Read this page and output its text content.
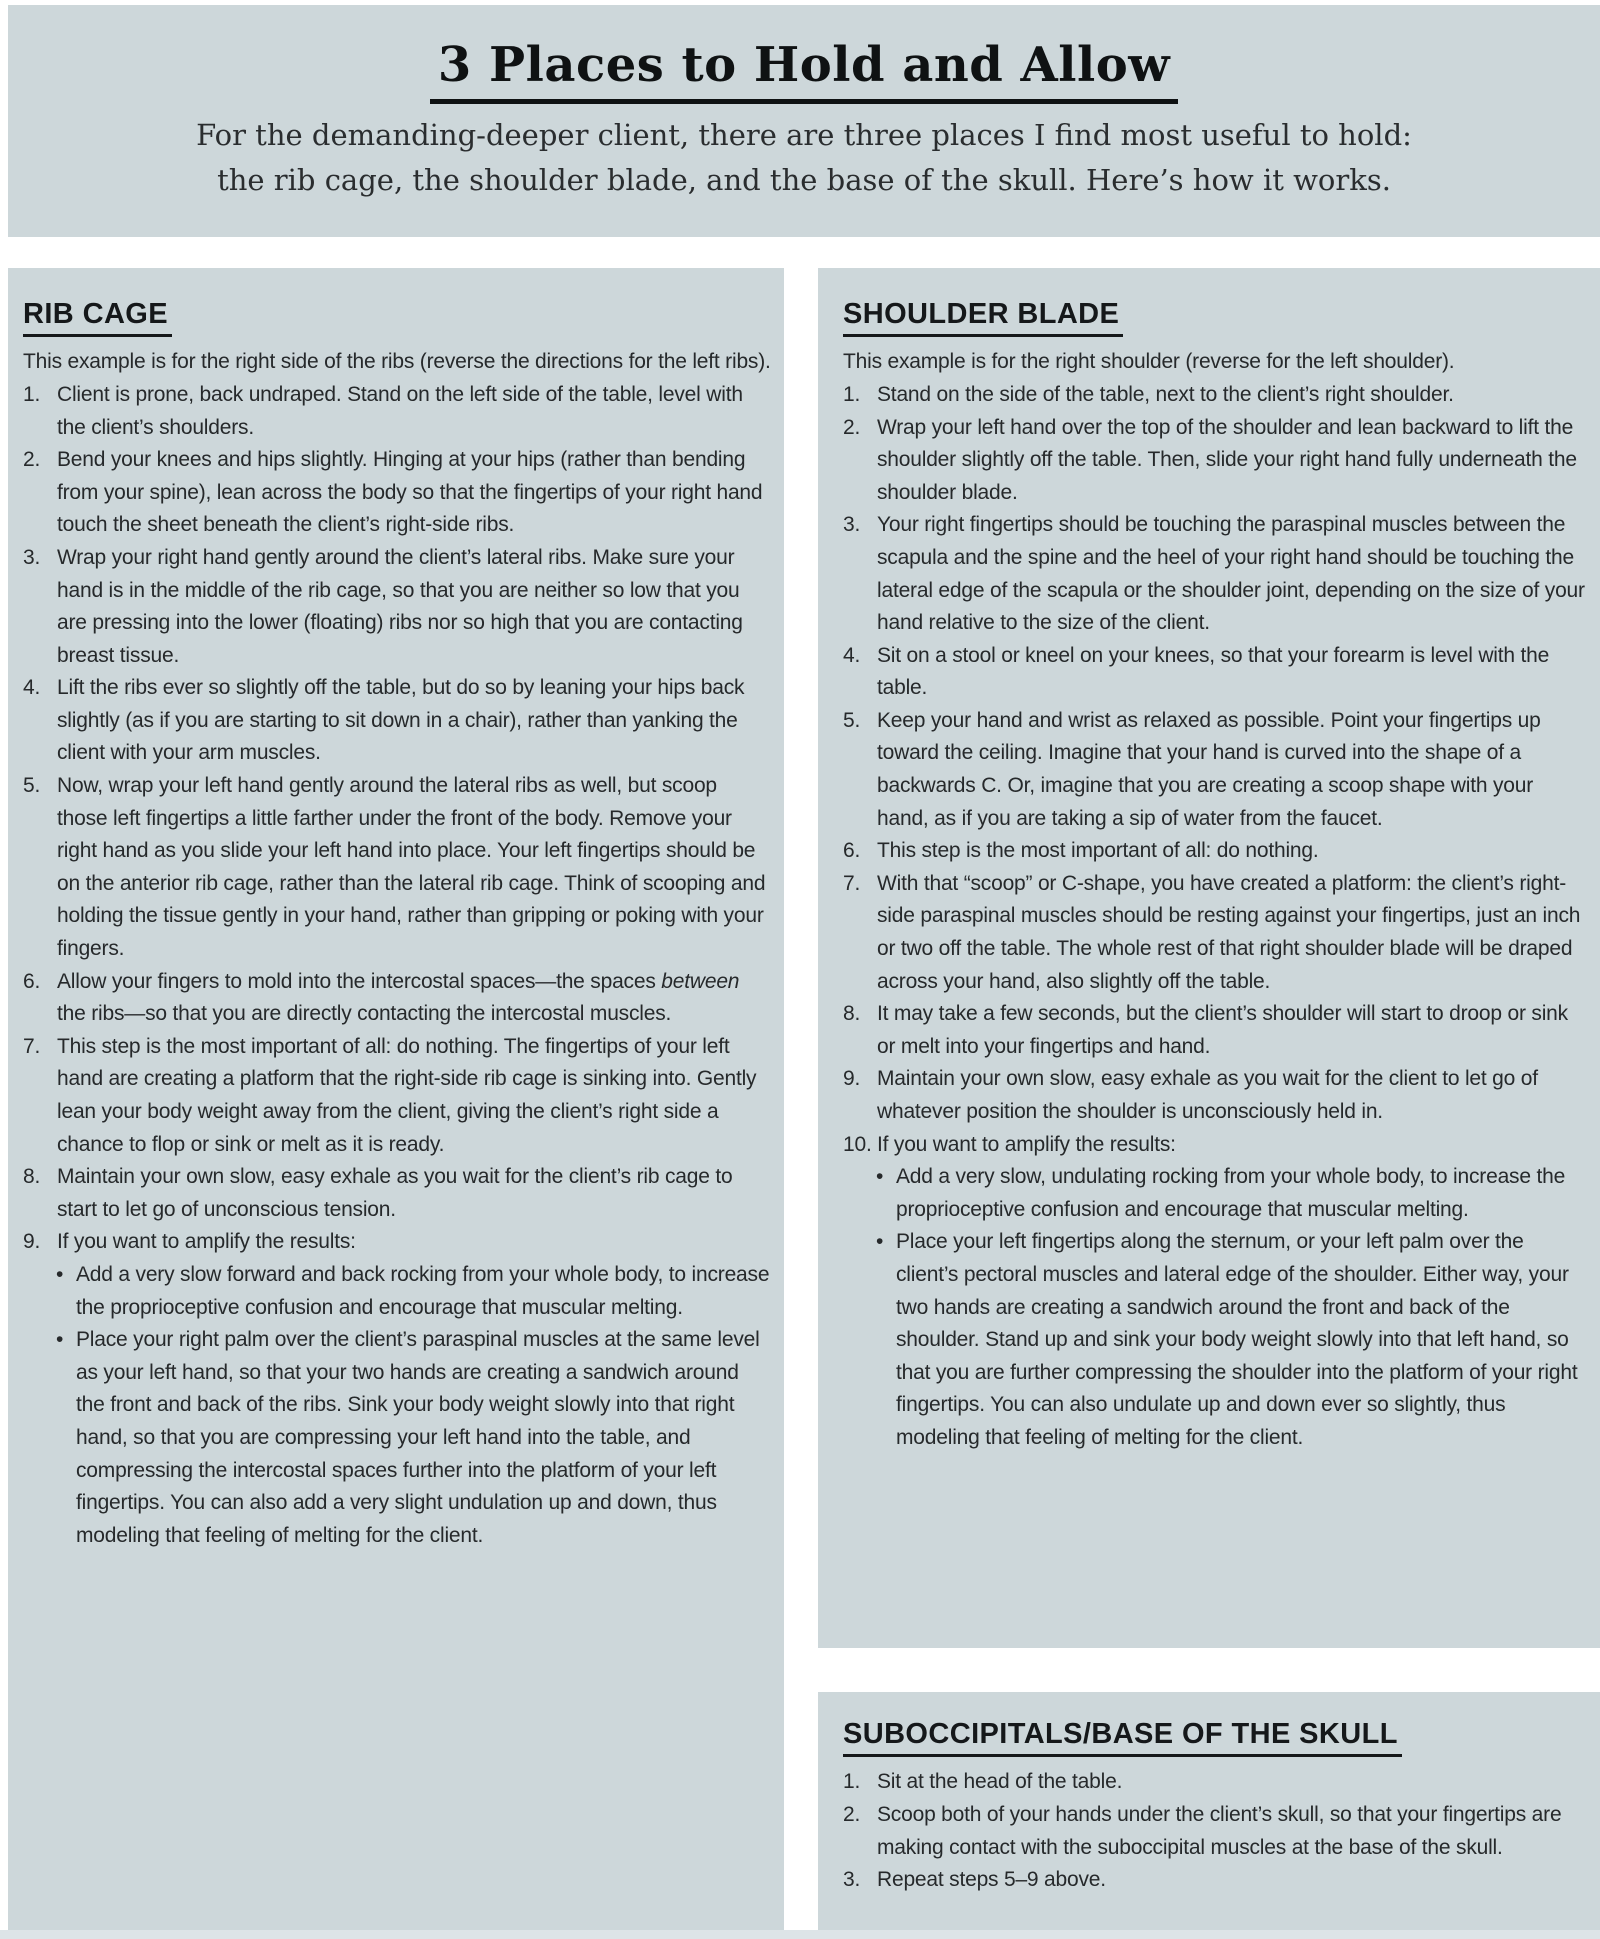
3 Places to Hold and Allow
For the demanding-deeper client, there are three places I find most useful to hold:
the rib cage, the shoulder blade, and the base of the skull. Here’s how it works.
RIB CAGE
This example is for the right side of the ribs (reverse the directions for the left ribs).
1. Client is prone, back undraped. Stand on the left side of the table, level with the client’s shoulders.
2. Bend your knees and hips slightly. Hinging at your hips (rather than bending from your spine), lean across the body so that the fingertips of your right hand touch the sheet beneath the client’s right-side ribs.
3. Wrap your right hand gently around the client’s lateral ribs. Make sure your hand is in the middle of the rib cage, so that you are neither so low that you are pressing into the lower (floating) ribs nor so high that you are contacting breast tissue.
4. Lift the ribs ever so slightly off the table, but do so by leaning your hips back slightly (as if you are starting to sit down in a chair), rather than yanking the client with your arm muscles.
5. Now, wrap your left hand gently around the lateral ribs as well, but scoop those left fingertips a little farther under the front of the body. Remove your right hand as you slide your left hand into place. Your left fingertips should be on the anterior rib cage, rather than the lateral rib cage. Think of scooping and holding the tissue gently in your hand, rather than gripping or poking with your fingers.
6. Allow your fingers to mold into the intercostal spaces—the spaces between the ribs—so that you are directly contacting the intercostal muscles.
7. This step is the most important of all: do nothing. The fingertips of your left hand are creating a platform that the right-side rib cage is sinking into. Gently lean your body weight away from the client, giving the client’s right side a chance to flop or sink or melt as it is ready.
8. Maintain your own slow, easy exhale as you wait for the client’s rib cage to start to let go of unconscious tension.
9. If you want to amplify the results:
• Add a very slow forward and back rocking from your whole body, to increase the proprioceptive confusion and encourage that muscular melting.
• Place your right palm over the client’s paraspinal muscles at the same level as your left hand, so that your two hands are creating a sandwich around the front and back of the ribs. Sink your body weight slowly into that right hand, so that you are compressing your left hand into the table, and compressing the intercostal spaces further into the platform of your left fingertips. You can also add a very slight undulation up and down, thus modeling that feeling of melting for the client.
SHOULDER BLADE
This example is for the right shoulder (reverse for the left shoulder).
1. Stand on the side of the table, next to the client’s right shoulder.
2. Wrap your left hand over the top of the shoulder and lean backward to lift the shoulder slightly off the table. Then, slide your right hand fully underneath the shoulder blade.
3. Your right fingertips should be touching the paraspinal muscles between the scapula and the spine and the heel of your right hand should be touching the lateral edge of the scapula or the shoulder joint, depending on the size of your hand relative to the size of the client.
4. Sit on a stool or kneel on your knees, so that your forearm is level with the table.
5. Keep your hand and wrist as relaxed as possible. Point your fingertips up toward the ceiling. Imagine that your hand is curved into the shape of a backwards C. Or, imagine that you are creating a scoop shape with your hand, as if you are taking a sip of water from the faucet.
6. This step is the most important of all: do nothing.
7. With that “scoop” or C-shape, you have created a platform: the client’s right-side paraspinal muscles should be resting against your fingertips, just an inch or two off the table. The whole rest of that right shoulder blade will be draped across your hand, also slightly off the table.
8. It may take a few seconds, but the client’s shoulder will start to droop or sink or melt into your fingertips and hand.
9. Maintain your own slow, easy exhale as you wait for the client to let go of whatever position the shoulder is unconsciously held in.
10. If you want to amplify the results:
• Add a very slow, undulating rocking from your whole body, to increase the proprioceptive confusion and encourage that muscular melting.
• Place your left fingertips along the sternum, or your left palm over the client’s pectoral muscles and lateral edge of the shoulder. Either way, your two hands are creating a sandwich around the front and back of the shoulder. Stand up and sink your body weight slowly into that left hand, so that you are further compressing the shoulder into the platform of your right fingertips. You can also undulate up and down ever so slightly, thus modeling that feeling of melting for the client.
SUBOCCIPITALS/BASE OF THE SKULL
1. Sit at the head of the table.
2. Scoop both of your hands under the client’s skull, so that your fingertips are making contact with the suboccipital muscles at the base of the skull.
3. Repeat steps 5–9 above.
